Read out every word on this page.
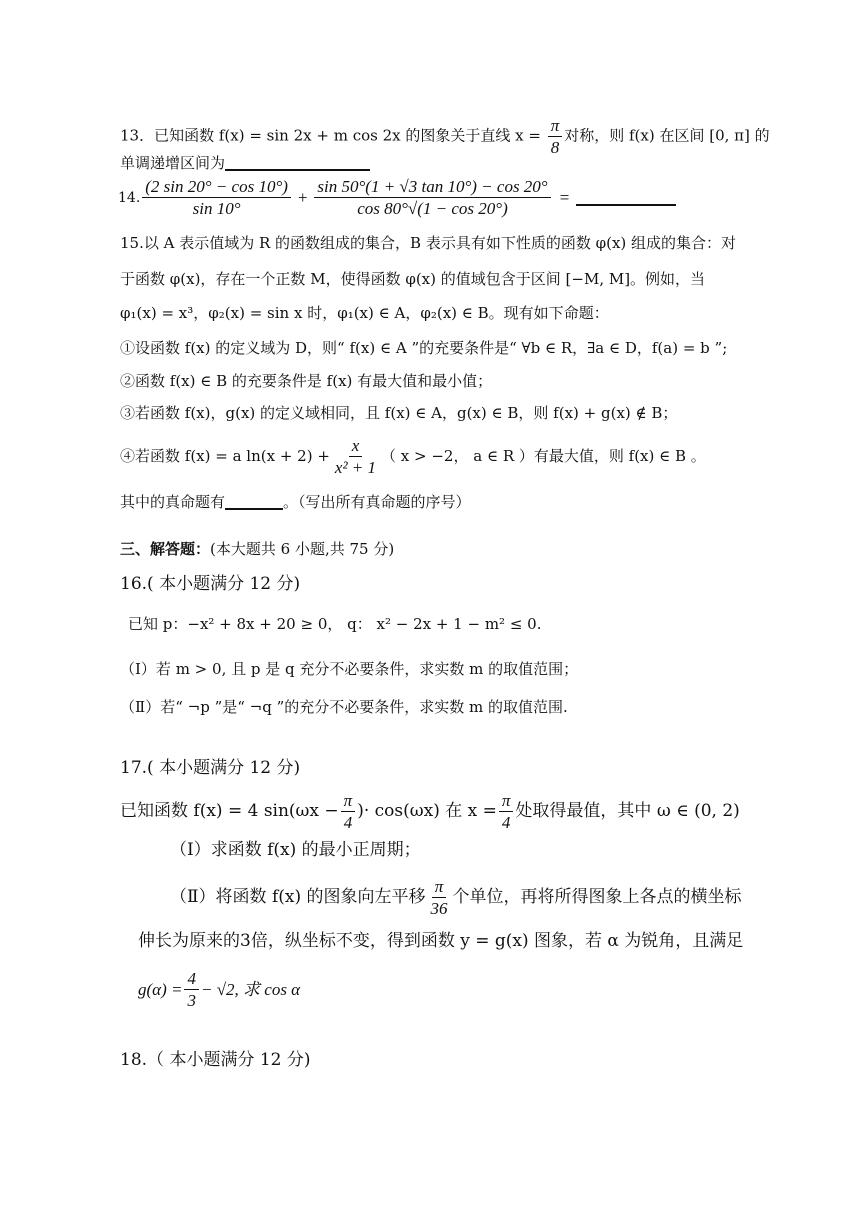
13．已知函数 f(x) = sin 2x + m cos 2x 的图象关于直线 $x = \frac{\pi}{8}$ 对称，则 f(x) 在区间 [0, π] 的
单调递增区间为
14. $\frac{(2 \sin 20^\circ - \cos 10^\circ)}{\sin 10^\circ} + \frac{\sin 50^\circ(1 + √3 \tan 10^\circ) - \cos 20^\circ}{\cos 80^\circ√(1 - \cos 20^\circ)}$ =
15.以 A 表示值域为 R 的函数组成的集合，B 表示具有如下性质的函数 φ(x) 组成的集合：对
于函数 φ(x)，存在一个正数 M，使得函数 φ(x) 的值域包含于区间 [−M, M]。例如，当
φ₁(x) = x³，φ₂(x) = sin x 时，φ₁(x) ∈ A，φ₂(x) ∈ B。现有如下命题：
①设函数 f(x) 的定义域为 D，则“ f(x) ∈ A ”的充要条件是“ ∀b ∈ R，∃a ∈ D，f(a) = b ”;
②函数 f(x) ∈ B 的充要条件是 f(x) 有最大值和最小值；
③若函数 f(x)，g(x) 的定义域相同，且 f(x) ∈ A，g(x) ∈ B，则 f(x) + g(x) ∉ B；
④若函数 f(x) = a $\ln(x + 2) + \frac{x}{\text{x² + 1}}$ （ x > −2， a ∈ R ）有最大值，则 f(x) ∈ B 。
其中的真命题有	。（写出所有真命题的序号）
三、解答题：(本大题共 6 小题,共 75 分)
16.( 本小题满分 12 分)
已知 p：−x² + 8x + 20 ≥ 0， q： x² − 2x + 1 − m² ≤ 0.
（Ⅰ）若 m > 0, 且 p 是 q 充分不必要条件，求实数 m 的取值范围；
（Ⅱ）若“ ¬p ”是“ ¬q ”的充分不必要条件，求实数 m 的取值范围.
17.( 本小题满分 12 分)
已知函数 f(x) = 4 $\sin(\omega x - \frac{\pi}{4}$ )· cos(ωx) 在 $x = \frac{\pi}{4}$ 处取得最值，其中 ω ∈ (0, 2)
（Ⅰ）求函数 f(x) 的最小正周期；
（Ⅱ）将函数 f(x) 的图象向左平移 $\frac{\pi}{36}$ 个单位，再将所得图象上各点的横坐标
伸长为原来的3倍，纵坐标不变，得到函数 y = g(x) 图象，若 α 为锐角，且满足
$g(\alpha) = \frac{4}{3} - √2$, 求 cos α
18.（ 本小题满分 12 分)
